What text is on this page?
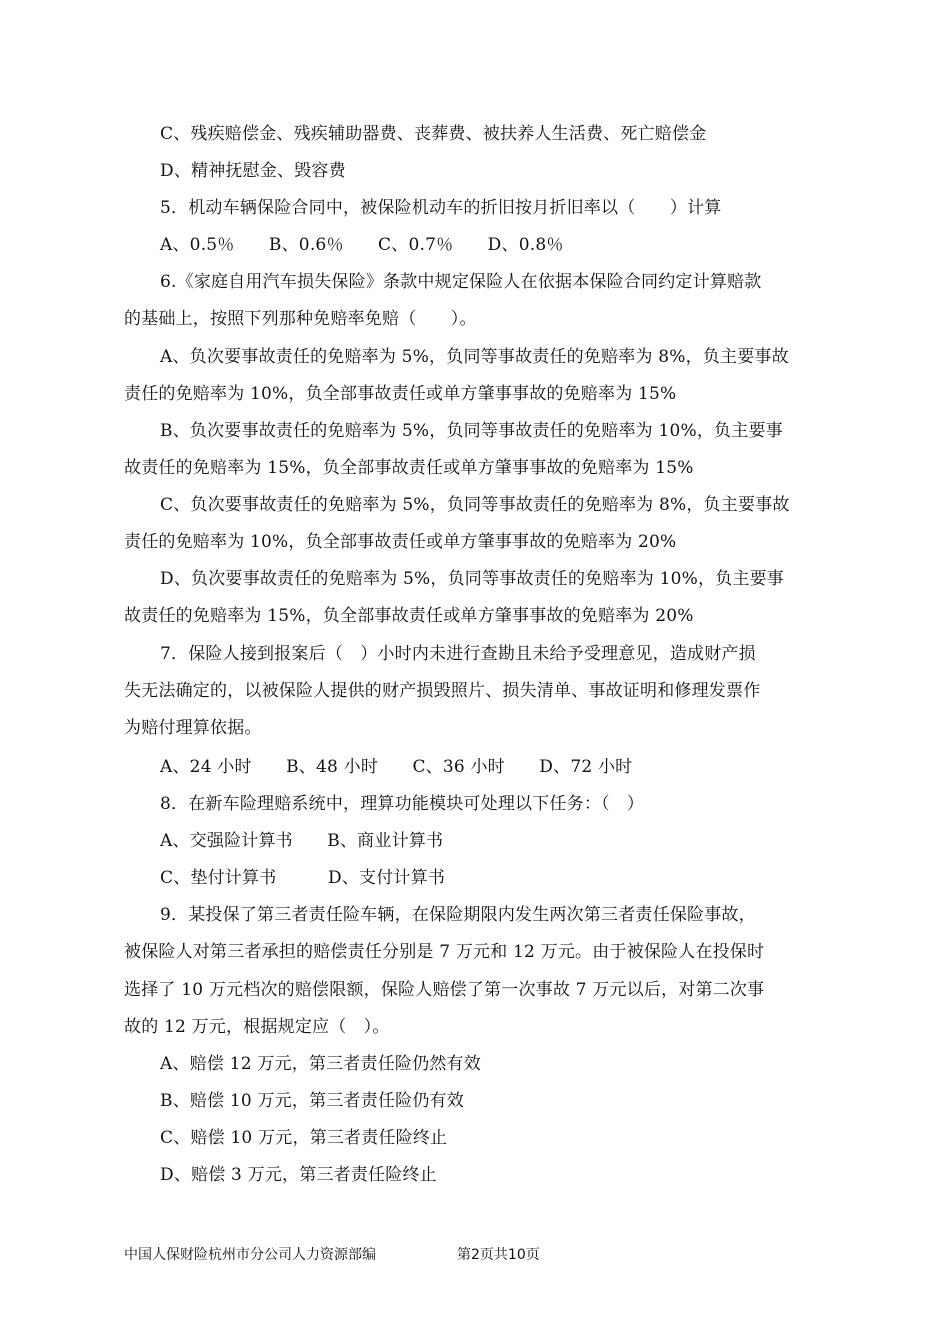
C、残疾赔偿金、残疾辅助器费、丧葬费、被扶养人生活费、死亡赔偿金
D、精神抚慰金、毁容费
5．机动车辆保险合同中，被保险机动车的折旧按月折旧率以（　　）计算
A、0.5％　　B、0.6％　　C、0.7％　　D、0.8％
6.《家庭自用汽车损失保险》条款中规定保险人在依据本保险合同约定计算赔款
的基础上，按照下列那种免赔率免赔（　　）。
A、负次要事故责任的免赔率为 5%，负同等事故责任的免赔率为 8%，负主要事故
责任的免赔率为 10%，负全部事故责任或单方肇事事故的免赔率为 15%
B、负次要事故责任的免赔率为 5%，负同等事故责任的免赔率为 10%，负主要事
故责任的免赔率为 15%，负全部事故责任或单方肇事事故的免赔率为 15%
C、负次要事故责任的免赔率为 5%，负同等事故责任的免赔率为 8%，负主要事故
责任的免赔率为 10%，负全部事故责任或单方肇事事故的免赔率为 20%
D、负次要事故责任的免赔率为 5%，负同等事故责任的免赔率为 10%，负主要事
故责任的免赔率为 15%，负全部事故责任或单方肇事事故的免赔率为 20%
7．保险人接到报案后（　）小时内未进行查勘且未给予受理意见，造成财产损
失无法确定的，以被保险人提供的财产损毁照片、损失清单、事故证明和修理发票作
为赔付理算依据。
A、24 小时　　B、48 小时　　C、36 小时　　D、72 小时
8．在新车险理赔系统中，理算功能模块可处理以下任务：（　）
A、交强险计算书　　B、商业计算书
C、垫付计算书　　　D、支付计算书
9．某投保了第三者责任险车辆，在保险期限内发生两次第三者责任保险事故，
被保险人对第三者承担的赔偿责任分别是 7 万元和 12 万元。由于被保险人在投保时
选择了 10 万元档次的赔偿限额，保险人赔偿了第一次事故 7 万元以后，对第二次事
故的 12 万元，根据规定应（　）。
A、赔偿 12 万元，第三者责任险仍然有效
B、赔偿 10 万元，第三者责任险仍有效
C、赔偿 10 万元，第三者责任险终止
D、赔偿 3 万元，第三者责任险终止
中国人保财险杭州市分公司人力资源部编	第2页共10页
